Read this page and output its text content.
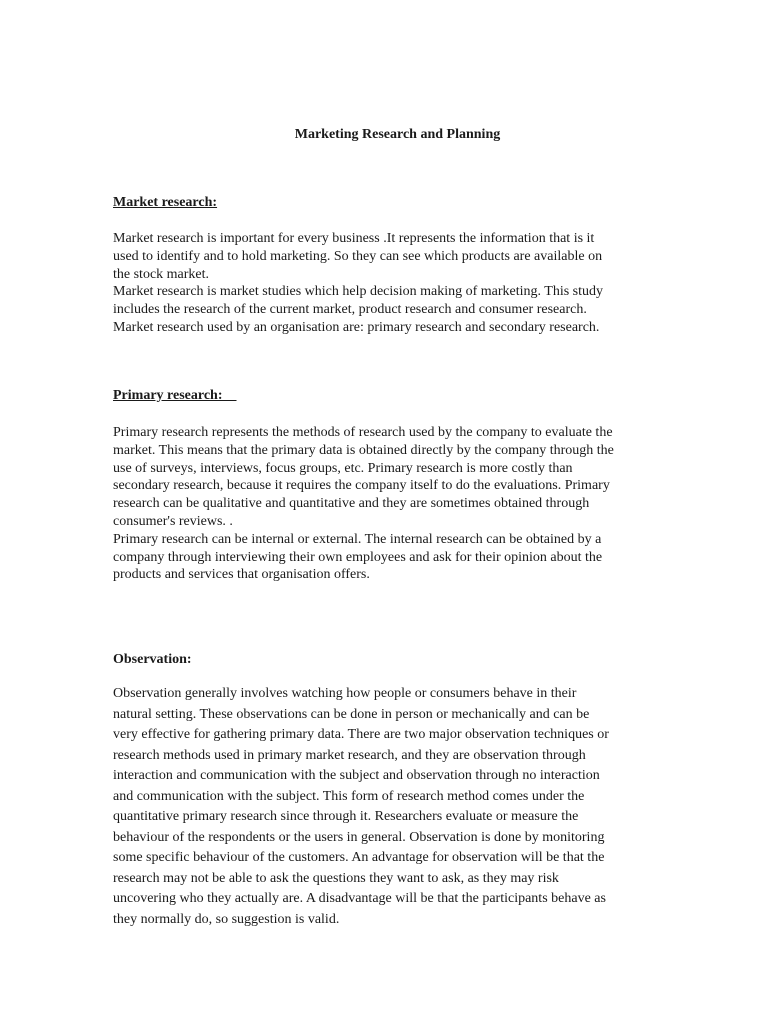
Marketing Research and Planning
Market research:

Market research is important for every business .It represents the information that is it
used to identify and to hold marketing. So they can see which products are available on
the stock market.
Market research is market studies which help decision making of marketing. This study
includes the research of the current market, product research and consumer research.
Market research used by an organisation are: primary research and secondary research.

Primary research:

Primary research represents the methods of research used by the company to evaluate the
market. This means that the primary data is obtained directly by the company through the
use of surveys, interviews, focus groups, etc. Primary research is more costly than
secondary research, because it requires the company itself to do the evaluations. Primary
research can be qualitative and quantitative and they are sometimes obtained through
consumer's reviews. .
Primary research can be internal or external. The internal research can be obtained by a
company through interviewing their own employees and ask for their opinion about the
products and services that organisation offers.

Observation:

Observation generally involves watching how people or consumers behave in their
natural setting. These observations can be done in person or mechanically and can be
very effective for gathering primary data. There are two major observation techniques or
research methods used in primary market research, and they are observation through
interaction and communication with the subject and observation through no interaction
and communication with the subject. This form of research method comes under the
quantitative primary research since through it. Researchers evaluate or measure the
behaviour of the respondents or the users in general. Observation is done by monitoring
some specific behaviour of the customers. An advantage for observation will be that the
research may not be able to ask the questions they want to ask, as they may risk
uncovering who they actually are. A disadvantage will be that the participants behave as
they normally do, so suggestion is valid.
